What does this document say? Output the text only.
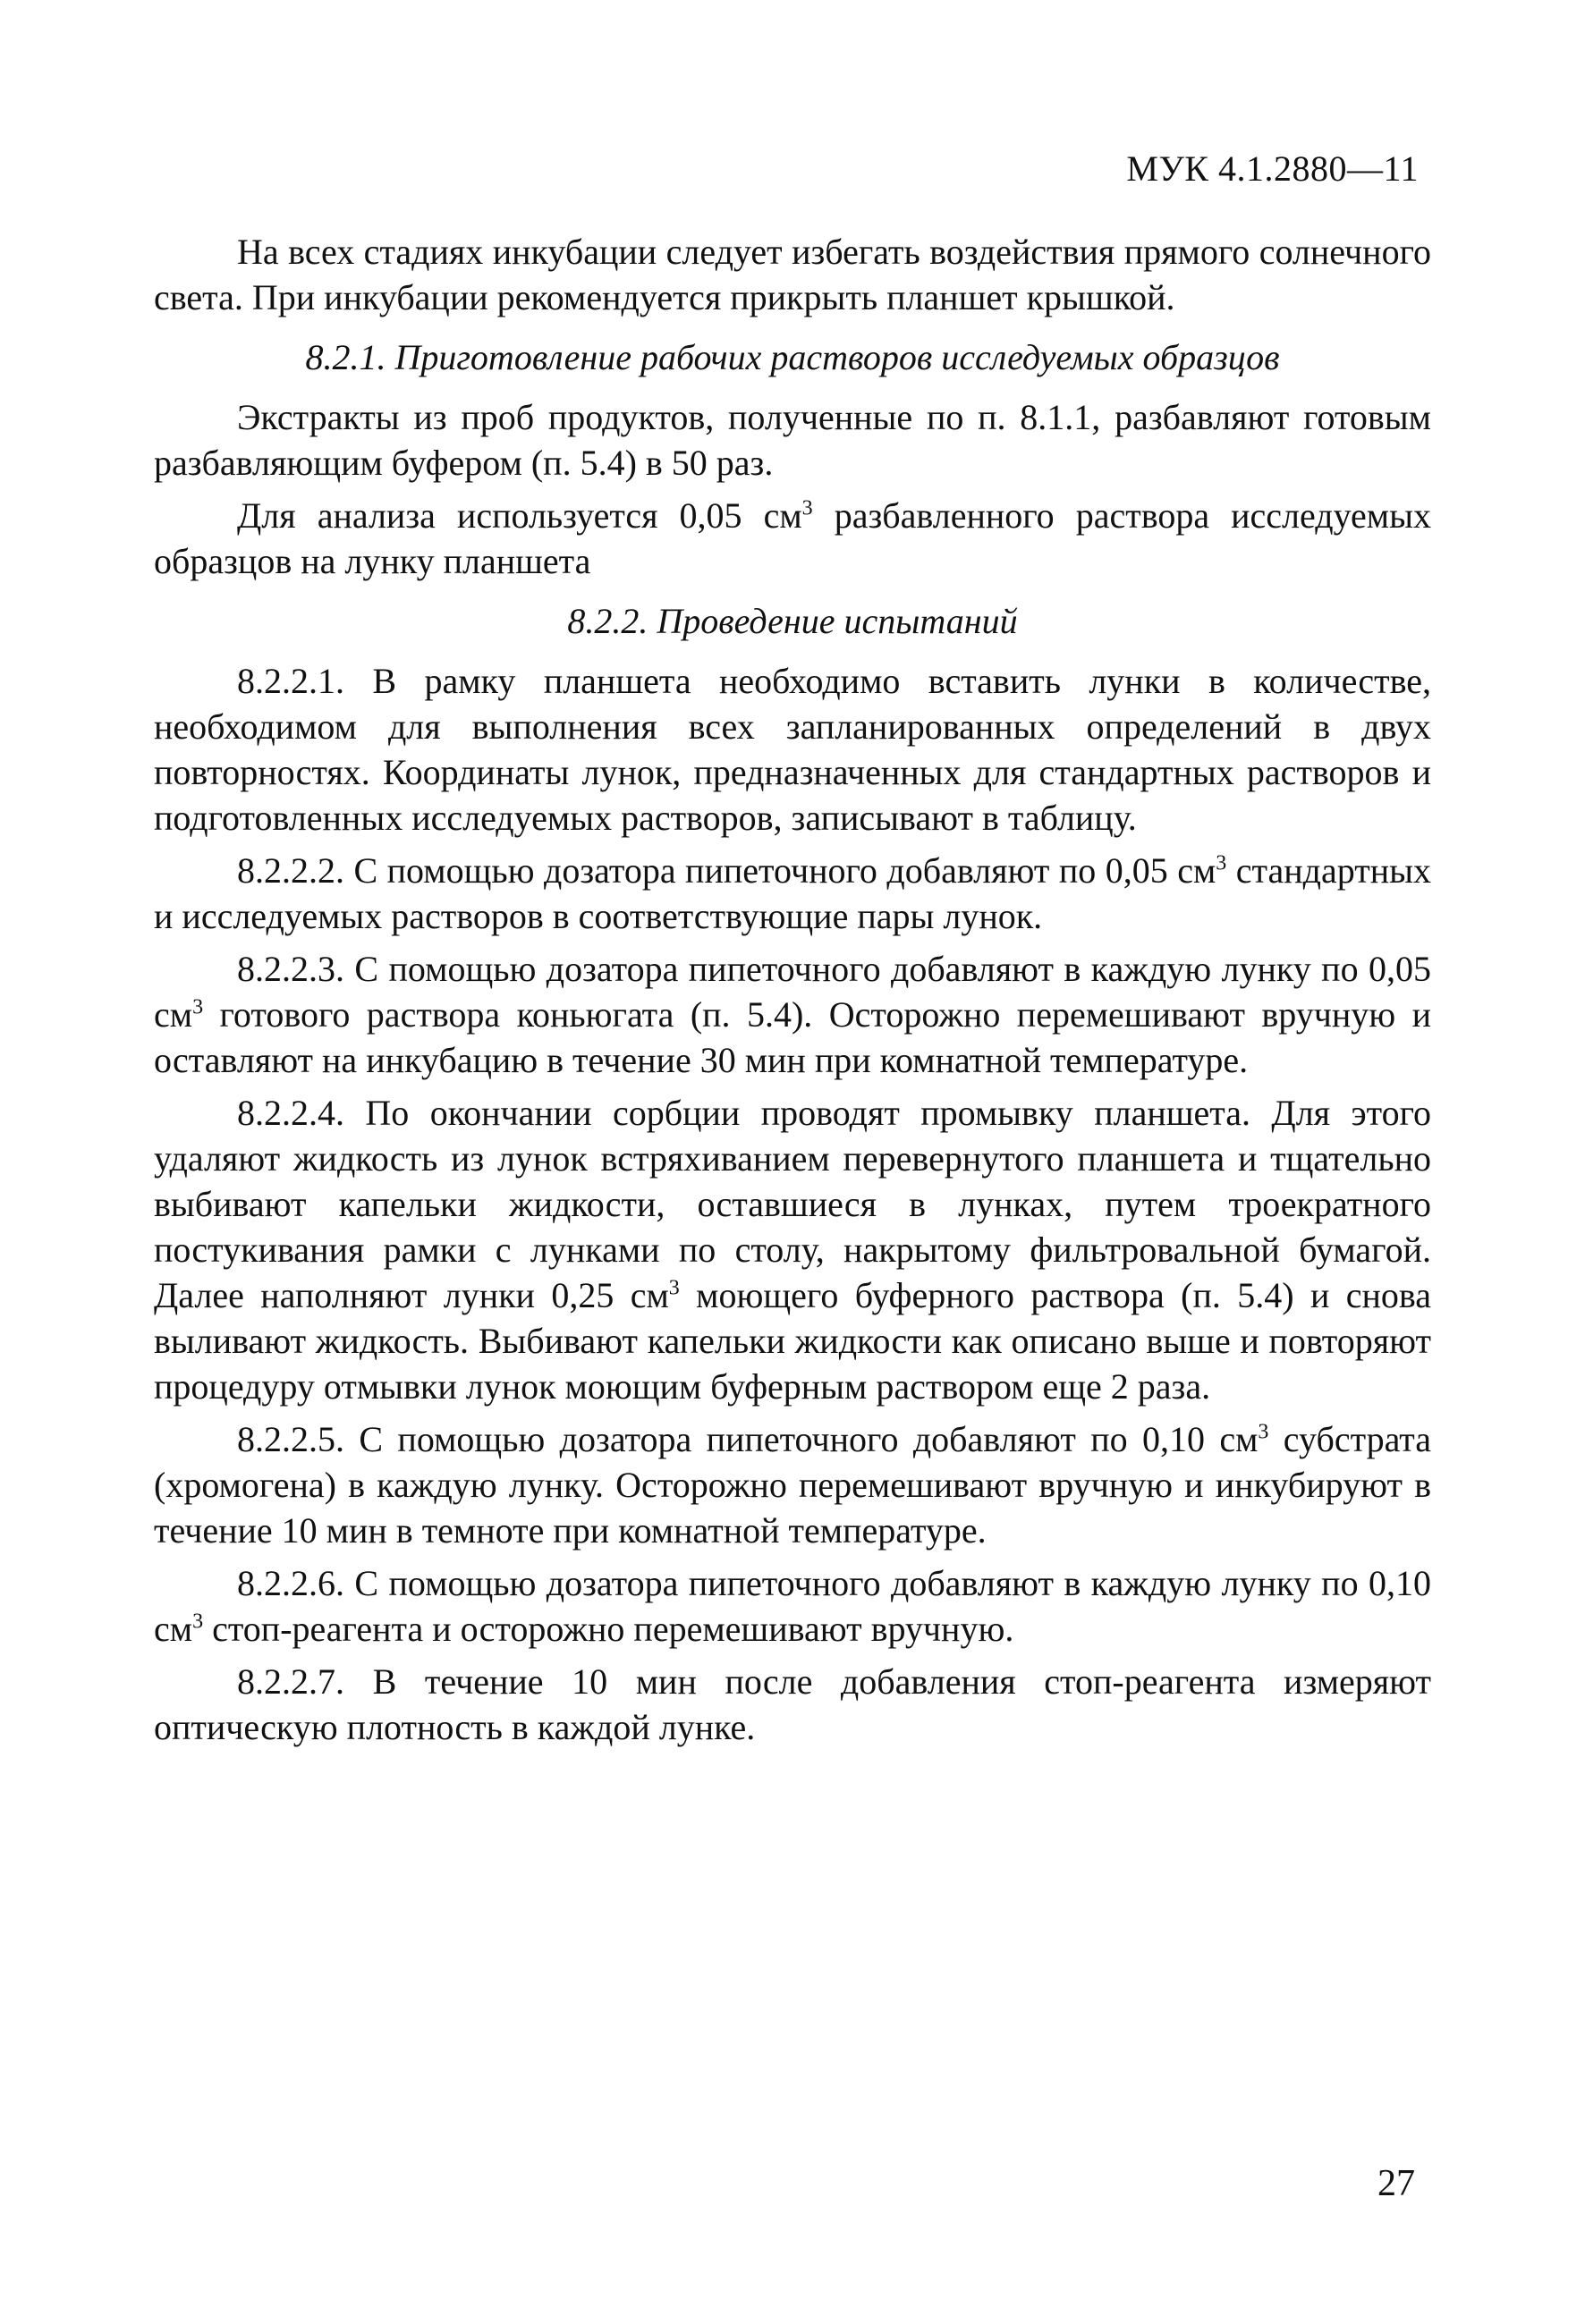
МУК 4.1.2880—11

На всех стадиях инкубации следует избегать воздействия прямого солнечного света. При инкубации рекомендуется прикрыть планшет крышкой.

8.2.1. Приготовление рабочих растворов исследуемых образцов

Экстракты из проб продуктов, полученные по п. 8.1.1, разбавляют готовым разбавляющим буфером (п. 5.4) в 50 раз.

Для анализа используется 0,05 $см^3$ разбавленного раствора исследуемых образцов на лунку планшета

8.2.2. Проведение испытаний

8.2.2.1. В рамку планшета необходимо вставить лунки в количестве, необходимом для выполнения всех запланированных определений в двух повторностях. Координаты лунок, предназначенных для стандартных растворов и подготовленных исследуемых растворов, записывают в таблицу.

8.2.2.2. С помощью дозатора пипеточного добавляют по 0,05 $см^3$ стандартных и исследуемых растворов в соответствующие пары лунок.

8.2.2.3. С помощью дозатора пипеточного добавляют в каждую лунку по 0,05 $см^3$ готового раствора коньюгата (п. 5.4). Осторожно перемешивают вручную и оставляют на инкубацию в течение 30 мин при комнатной температуре.

8.2.2.4. По окончании сорбции проводят промывку планшета. Для этого удаляют жидкость из лунок встряхиванием перевернутого планшета и тщательно выбивают капельки жидкости, оставшиеся в лунках, путем троекратного постукивания рамки с лунками по столу, накрытому фильтровальной бумагой. Далее наполняют лунки 0,25 $см^3$ моющего буферного раствора (п. 5.4) и снова выливают жидкость. Выбивают капельки жидкости как описано выше и повторяют процедуру отмывки лунок моющим буферным раствором еще 2 раза.

8.2.2.5. С помощью дозатора пипеточного добавляют по 0,10 $см^3$ субстрата (хромогена) в каждую лунку. Осторожно перемешивают вручную и инкубируют в течение 10 мин в темноте при комнатной температуре.

8.2.2.6. С помощью дозатора пипеточного добавляют в каждую лунку по 0,10 $см^3$ стоп-реагента и осторожно перемешивают вручную.

8.2.2.7. В течение 10 мин после добавления стоп-реагента измеряют оптическую плотность в каждой лунке.

27
